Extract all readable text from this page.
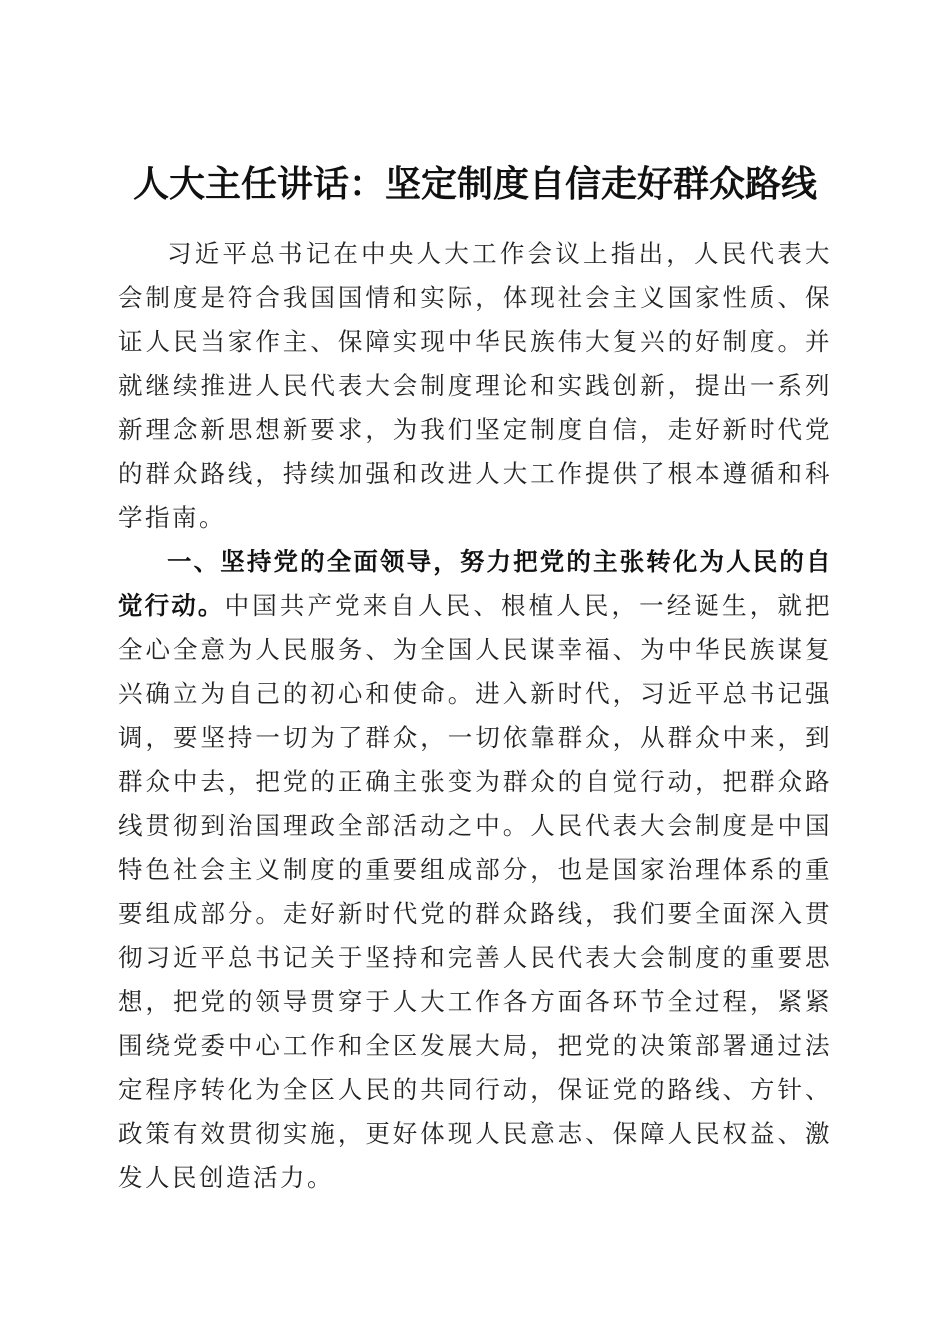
人大主任讲话：坚定制度自信走好群众路线

习近平总书记在中央人大工作会议上指出，人民代表大会制度是符合我国国情和实际，体现社会主义国家性质、保证人民当家作主、保障实现中华民族伟大复兴的好制度。并就继续推进人民代表大会制度理论和实践创新，提出一系列新理念新思想新要求，为我们坚定制度自信，走好新时代党的群众路线，持续加强和改进人大工作提供了根本遵循和科学指南。

一、坚持党的全面领导，努力把党的主张转化为人民的自觉行动。中国共产党来自人民、根植人民，一经诞生，就把全心全意为人民服务、为全国人民谋幸福、为中华民族谋复兴确立为自己的初心和使命。进入新时代，习近平总书记强调，要坚持一切为了群众，一切依靠群众，从群众中来，到群众中去，把党的正确主张变为群众的自觉行动，把群众路线贯彻到治国理政全部活动之中。人民代表大会制度是中国特色社会主义制度的重要组成部分，也是国家治理体系的重要组成部分。走好新时代党的群众路线，我们要全面深入贯彻习近平总书记关于坚持和完善人民代表大会制度的重要思想，把党的领导贯穿于人大工作各方面各环节全过程，紧紧围绕党委中心工作和全区发展大局，把党的决策部署通过法定程序转化为全区人民的共同行动，保证党的路线、方针、政策有效贯彻实施，更好体现人民意志、保障人民权益、激发人民创造活力。
